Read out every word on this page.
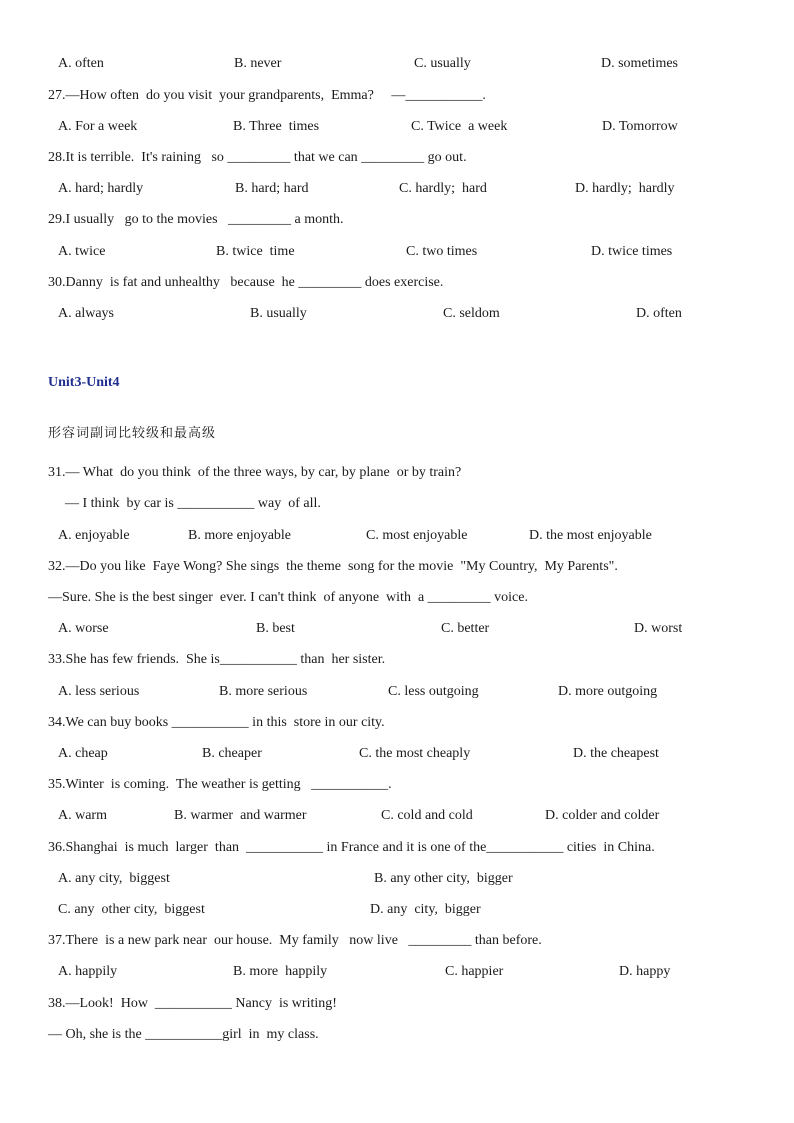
A. often	B. never	C. usually	D. sometimes
27.—How often  do you visit  your grandparents,  Emma?     —___________.
A. For a week	B. Three  times	C. Twice  a week	D. Tomorrow
28.It is terrible.  It's raining   so _________ that we can _________ go out.
A. hard; hardly	B. hard; hard	C. hardly;  hard	D. hardly;  hardly
29.I usually   go to the movies   _________ a month.
A. twice	B. twice  time	C. two times	D. twice times
30.Danny  is fat and unhealthy   because  he _________ does exercise.
A. always	B. usually	C. seldom	D. often
Unit3-Unit4
形容词副词比较级和最高级
31.— What  do you think  of the three ways, by car, by plane  or by train?
— I think  by car is ___________ way  of all.
A. enjoyable	B. more enjoyable	C. most enjoyable	D. the most enjoyable
32.—Do you like  Faye Wong? She sings  the theme  song for the movie  "My Country,  My Parents".
—Sure. She is the best singer  ever. I can't think  of anyone  with  a _________ voice.
A. worse	B. best	C. better	D. worst
33.She has few friends.  She is___________ than  her sister.
A. less serious	B. more serious	C. less outgoing	D. more outgoing
34.We can buy books ___________ in this  store in our city.
A. cheap	B. cheaper	C. the most cheaply	D. the cheapest
35.Winter  is coming.  The weather is getting   ___________.
A. warm	B. warmer  and warmer	C. cold and cold	D. colder and colder
36.Shanghai  is much  larger  than  ___________ in France and it is one of the___________ cities  in China.
A. any city,  biggest	B. any other city,  bigger
C. any  other city,  biggest	D. any  city,  bigger
37.There  is a new park near  our house.  My family   now live   _________ than before.
A. happily	B. more  happily	C. happier	D. happy
38.—Look!  How  ___________ Nancy  is writing!
— Oh, she is the ___________girl  in  my class.
